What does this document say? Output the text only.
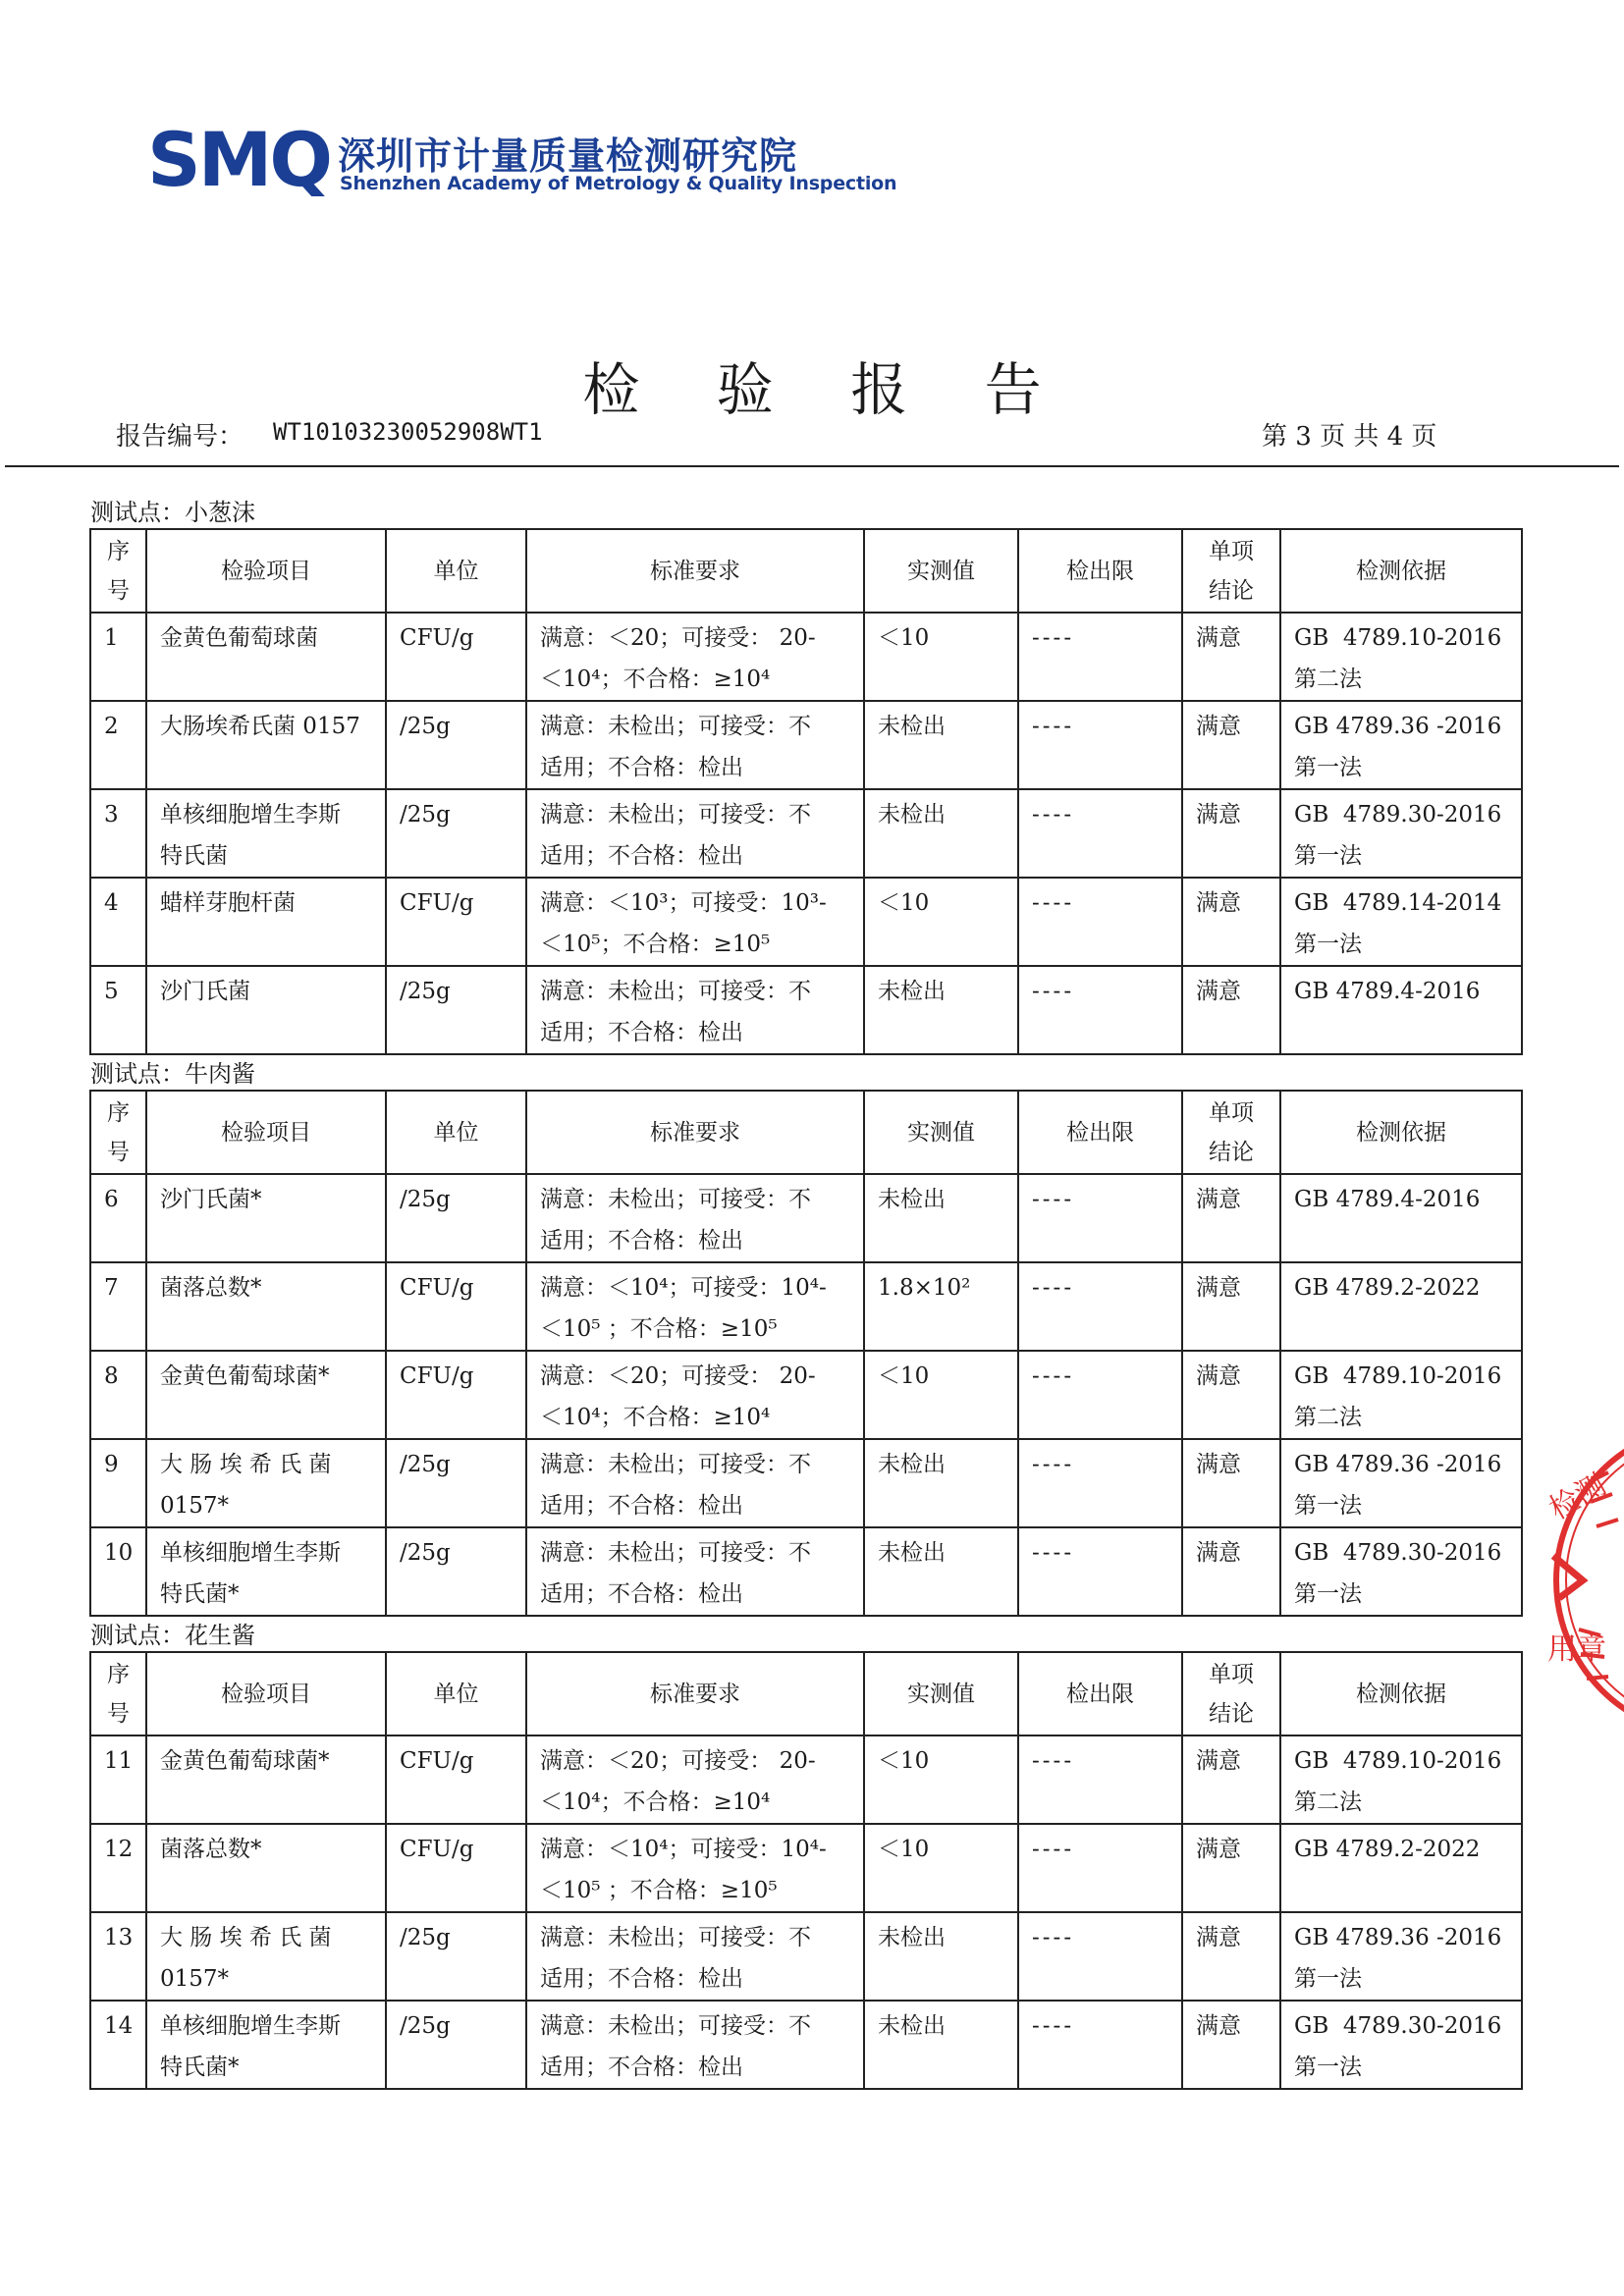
SMQ 深圳市计量质量检测研究院
Shenzhen Academy of Metrology & Quality Inspection
检 验 报 告
报告编号： WT10103230052908WT1	第 3 页 共 4 页
测试点：小葱沫
序
号	检验项目	单位	标准要求	实测值	检出限	单项
结论	检测依据
1	金黄色葡萄球菌	CFU/g	满意：＜20；可接受： 20-
＜10⁴；不合格：≥10⁴	＜10	----	满意	GB  4789.10-2016
第二法
2	大肠埃希氏菌 0157	/25g	满意：未检出；可接受：不
适用；不合格：检出	未检出	----	满意	GB 4789.36 -2016
第一法
3	单核细胞增生李斯
特氏菌	/25g	满意：未检出；可接受：不
适用；不合格：检出	未检出	----	满意	GB  4789.30-2016
第一法
4	蜡样芽胞杆菌	CFU/g	满意：＜10³；可接受：10³-
＜10⁵；不合格：≥10⁵	＜10	----	满意	GB  4789.14-2014
第一法
5	沙门氏菌	/25g	满意：未检出；可接受：不
适用；不合格：检出	未检出	----	满意	GB 4789.4-2016
测试点：牛肉酱
序
号	检验项目	单位	标准要求	实测值	检出限	单项
结论	检测依据
6	沙门氏菌*	/25g	满意：未检出；可接受：不
适用；不合格：检出	未检出	----	满意	GB 4789.4-2016
7	菌落总数*	CFU/g	满意：＜10⁴；可接受：10⁴-
＜10⁵ ；不合格：≥10⁵	1.8×10²	----	满意	GB 4789.2-2022
8	金黄色葡萄球菌*	CFU/g	满意：＜20；可接受： 20-
＜10⁴；不合格：≥10⁴	＜10	----	满意	GB  4789.10-2016
第二法
9	大 肠 埃 希 氏 菌
0157*	/25g	满意：未检出；可接受：不
适用；不合格：检出	未检出	----	满意	GB 4789.36 -2016
第一法
10	单核细胞增生李斯
特氏菌*	/25g	满意：未检出；可接受：不
适用；不合格：检出	未检出	----	满意	GB  4789.30-2016
第一法
测试点：花生酱
序
号	检验项目	单位	标准要求	实测值	检出限	单项
结论	检测依据
11	金黄色葡萄球菌*	CFU/g	满意：＜20；可接受： 20-
＜10⁴；不合格：≥10⁴	＜10	----	满意	GB  4789.10-2016
第二法
12	菌落总数*	CFU/g	满意：＜10⁴；可接受：10⁴-
＜10⁵ ；不合格：≥10⁵	＜10	----	满意	GB 4789.2-2022
13	大 肠 埃 希 氏 菌
0157*	/25g	满意：未检出；可接受：不
适用；不合格：检出	未检出	----	满意	GB 4789.36 -2016
第一法
14	单核细胞增生李斯
特氏菌*	/25g	满意：未检出；可接受：不
适用；不合格：检出	未检出	----	满意	GB  4789.30-2016
第一法
检测
用章
